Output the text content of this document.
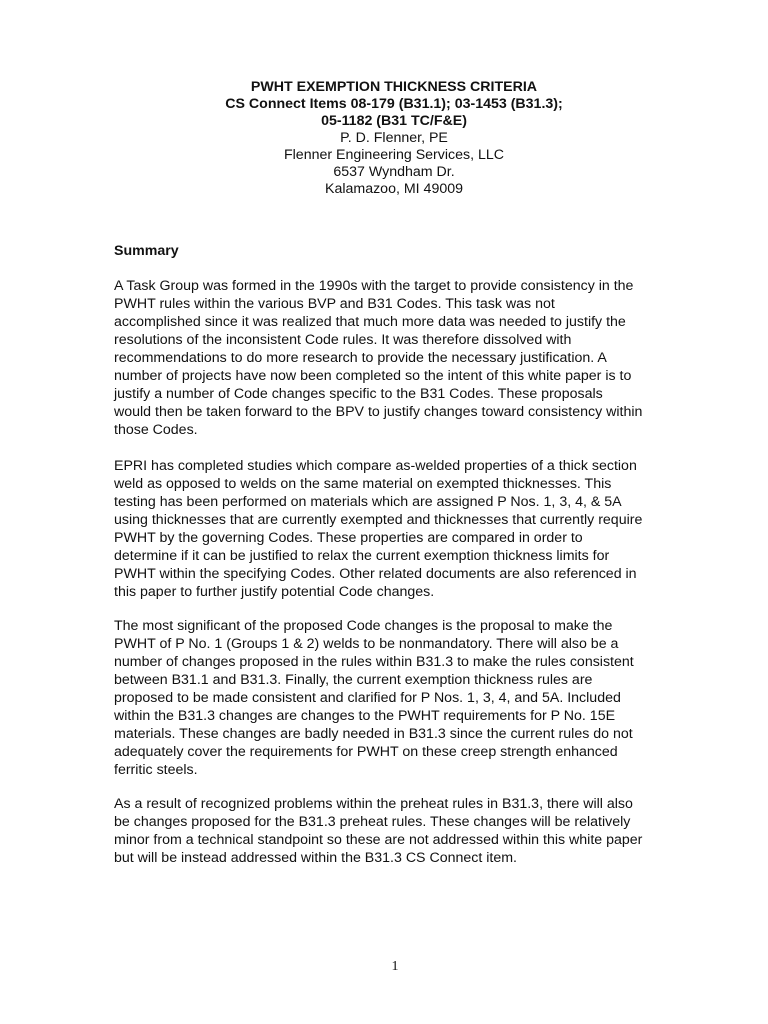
PWHT EXEMPTION THICKNESS CRITERIA
CS Connect Items 08-179 (B31.1); 03-1453 (B31.3);
05-1182 (B31 TC/F&E)
P. D. Flenner, PE
Flenner Engineering Services, LLC
6537 Wyndham Dr.
Kalamazoo, MI 49009
Summary
A Task Group was formed in the 1990s with the target to provide consistency in the
PWHT rules within the various BVP and B31 Codes. This task was not
accomplished since it was realized that much more data was needed to justify the
resolutions of the inconsistent Code rules. It was therefore dissolved with
recommendations to do more research to provide the necessary justification. A
number of projects have now been completed so the intent of this white paper is to
justify a number of Code changes specific to the B31 Codes. These proposals
would then be taken forward to the BPV to justify changes toward consistency within
those Codes.
EPRI has completed studies which compare as-welded properties of a thick section
weld as opposed to welds on the same material on exempted thicknesses. This
testing has been performed on materials which are assigned P Nos. 1, 3, 4, & 5A
using thicknesses that are currently exempted and thicknesses that currently require
PWHT by the governing Codes. These properties are compared in order to
determine if it can be justified to relax the current exemption thickness limits for
PWHT within the specifying Codes. Other related documents are also referenced in
this paper to further justify potential Code changes.
The most significant of the proposed Code changes is the proposal to make the
PWHT of P No. 1 (Groups 1 & 2) welds to be nonmandatory. There will also be a
number of changes proposed in the rules within B31.3 to make the rules consistent
between B31.1 and B31.3. Finally, the current exemption thickness rules are
proposed to be made consistent and clarified for P Nos. 1, 3, 4, and 5A. Included
within the B31.3 changes are changes to the PWHT requirements for P No. 15E
materials. These changes are badly needed in B31.3 since the current rules do not
adequately cover the requirements for PWHT on these creep strength enhanced
ferritic steels.
As a result of recognized problems within the preheat rules in B31.3, there will also
be changes proposed for the B31.3 preheat rules. These changes will be relatively
minor from a technical standpoint so these are not addressed within this white paper
but will be instead addressed within the B31.3 CS Connect item.
1
